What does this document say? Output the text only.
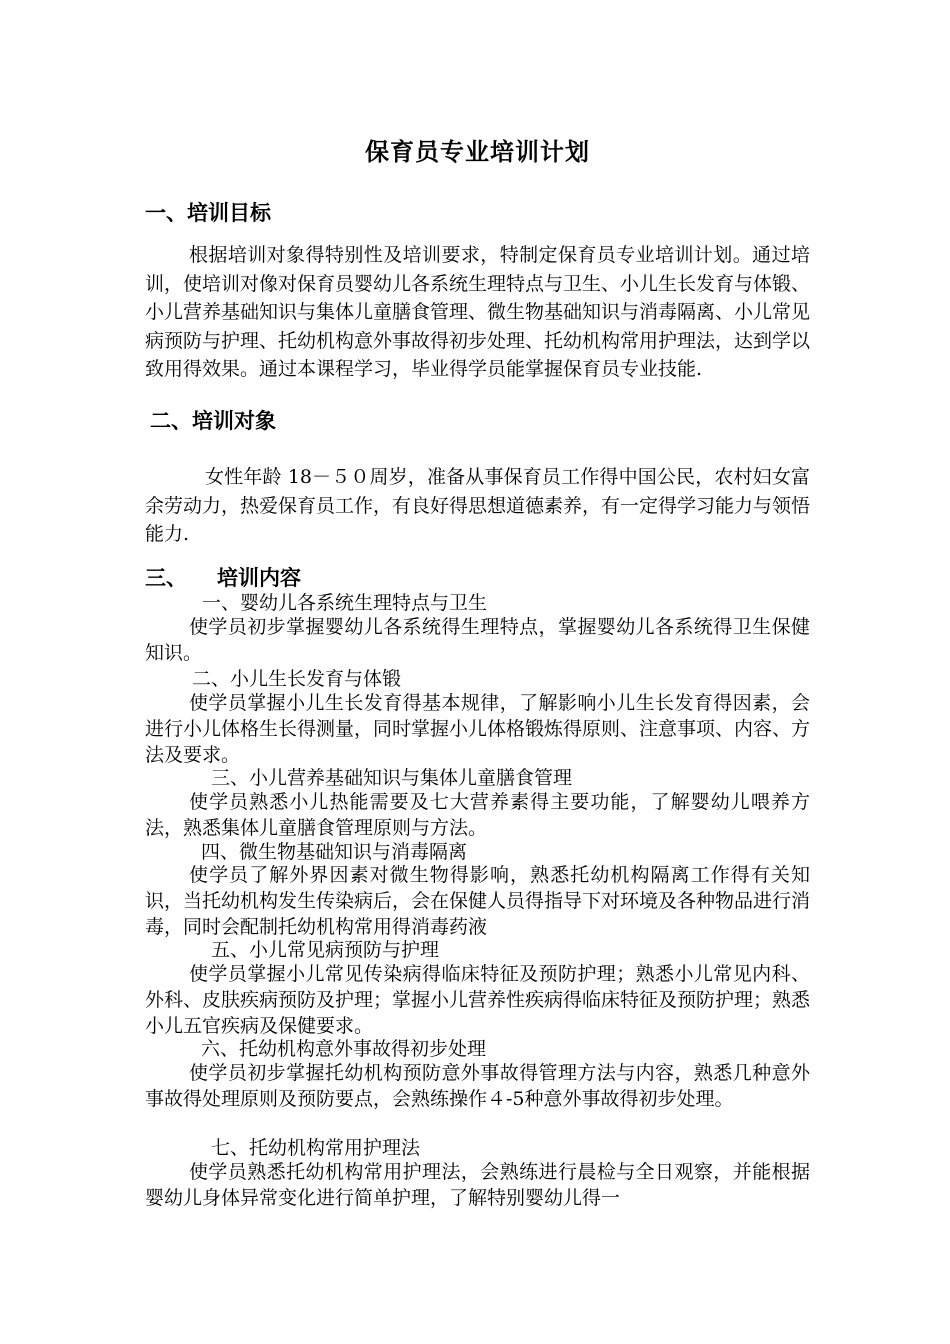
保育员专业培训计划
一、培训目标

根据培训对象得特别性及培训要求，特制定保育员专业培训计划。通过培训，使培训对像对保育员婴幼儿各系统生理特点与卫生、小儿生长发育与体锻、小儿营养基础知识与集体儿童膳食管理、微生物基础知识与消毒隔离、小儿常见病预防与护理、托幼机构意外事故得初步处理、托幼机构常用护理法，达到学以致用得效果。通过本课程学习，毕业得学员能掌握保育员专业技能.

二、培训对象

女性年龄 18－５０周岁，准备从事保育员工作得中国公民，农村妇女富余劳动力，热爱保育员工作，有良好得思想道德素养，有一定得学习能力与领悟能力.

三、 培训内容
一、婴幼儿各系统生理特点与卫生

使学员初步掌握婴幼儿各系统得生理特点，掌握婴幼儿各系统得卫生保健知识。

二、小儿生长发育与体锻

使学员掌握小儿生长发育得基本规律，了解影响小儿生长发育得因素，会进行小儿体格生长得测量，同时掌握小儿体格锻炼得原则、注意事项、内容、方法及要求。

三、小儿营养基础知识与集体儿童膳食管理

使学员熟悉小儿热能需要及七大营养素得主要功能，了解婴幼儿喂养方法，熟悉集体儿童膳食管理原则与方法。

四、微生物基础知识与消毒隔离

使学员了解外界因素对微生物得影响，熟悉托幼机构隔离工作得有关知识，当托幼机构发生传染病后，会在保健人员得指导下对环境及各种物品进行消毒，同时会配制托幼机构常用得消毒药液

五、小儿常见病预防与护理

使学员掌握小儿常见传染病得临床特征及预防护理；熟悉小儿常见内科、外科、皮肤疾病预防及护理；掌握小儿营养性疾病得临床特征及预防护理；熟悉小儿五官疾病及保健要求。

六、托幼机构意外事故得初步处理

使学员初步掌握托幼机构预防意外事故得管理方法与内容，熟悉几种意外事故得处理原则及预防要点，会熟练操作４-5种意外事故得初步处理。

七、托幼机构常用护理法

使学员熟悉托幼机构常用护理法，会熟练进行晨检与全日观察，并能根据婴幼儿身体异常变化进行简单护理，了解特别婴幼儿得一
